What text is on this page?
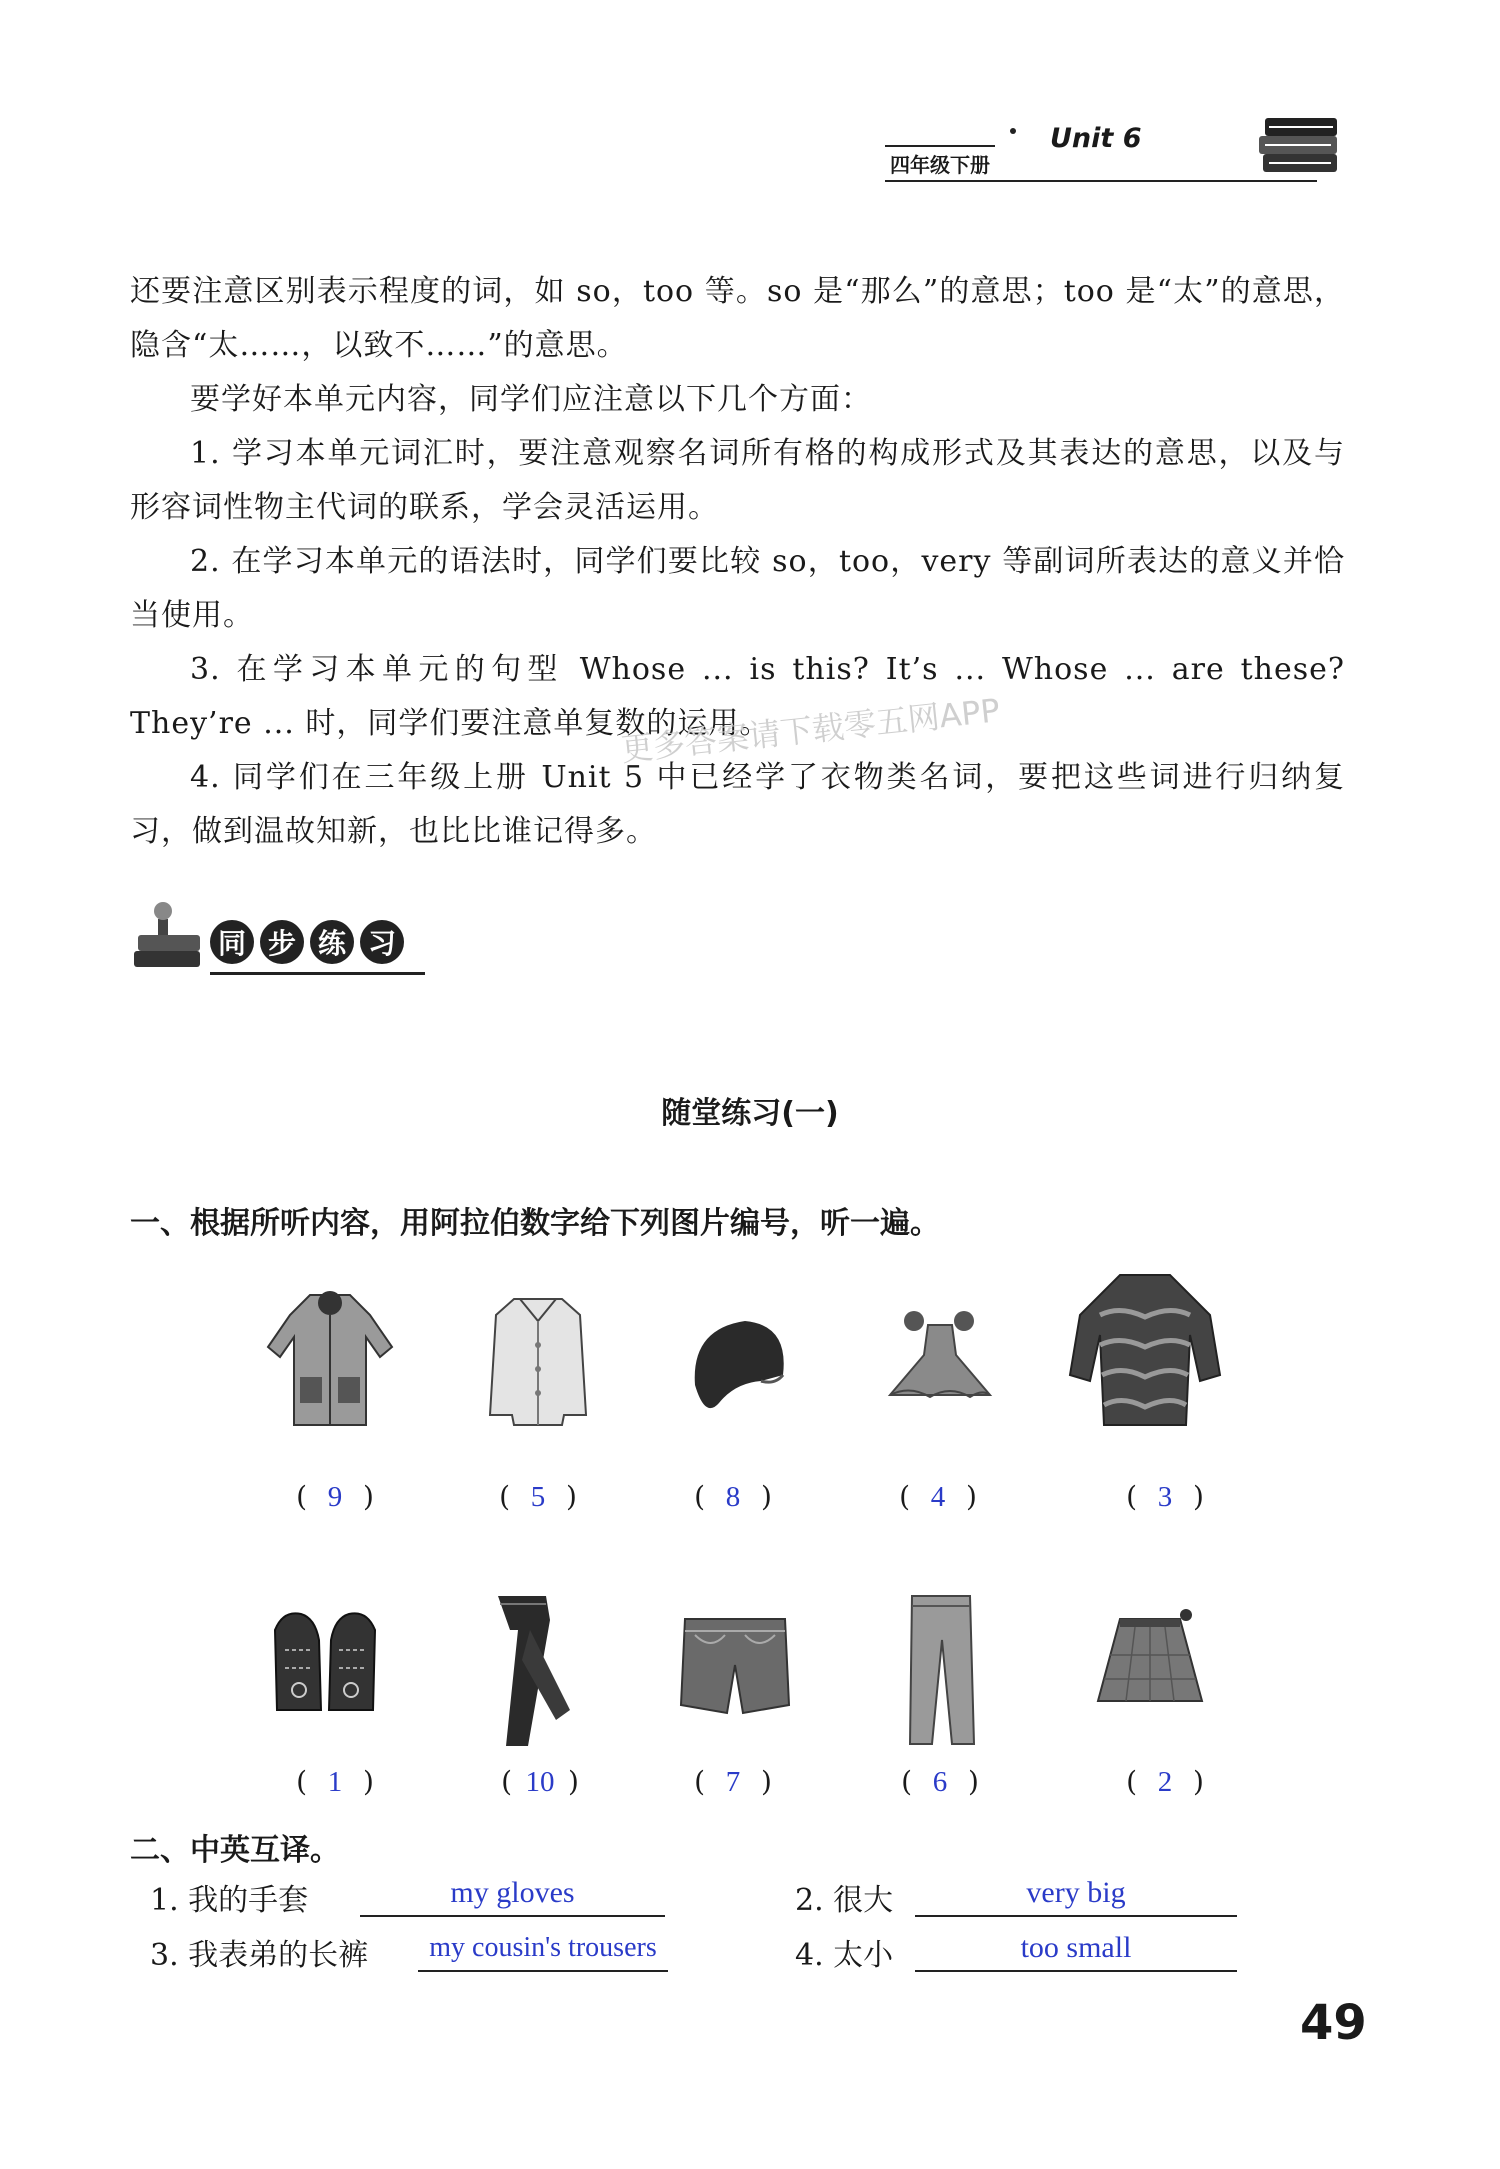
Unit 6
四年级下册

还要注意区别表示程度的词，如 so，too 等。so 是“那么”的意思；too 是“太”的意思，隐含“太……，以致不……”的意思。

要学好本单元内容，同学们应注意以下几个方面：

1. 学习本单元词汇时，要注意观察名词所有格的构成形式及其表达的意思，以及与形容词性物主代词的联系，学会灵活运用。

2. 在学习本单元的语法时，同学们要比较 so，too，very 等副词所表达的意义并恰当使用。

3. 在学习本单元的句型 Whose ... is this? It’s ... Whose ... are these? They’re ... 时，同学们要注意单复数的运用。

4. 同学们在三年级上册 Unit 5 中已经学了衣物类名词，要把这些词进行归纳复习，做到温故知新，也比比谁记得多。

更多答案请下载零五网APP
同 步 练 习
随堂练习(一)
一、根据所听内容，用阿拉伯数字给下列图片编号，听一遍。
( 9 )	( 5 )	( 8 )	( 4 )	( 3 )
( 1 )	( 10 )	( 7 )	( 6 )	( 2 )
二、中英互译。
1. 我的手套	my gloves	2. 很大	very big
3. 我表弟的长裤	my cousin's trousers	4. 太小	too small
49
